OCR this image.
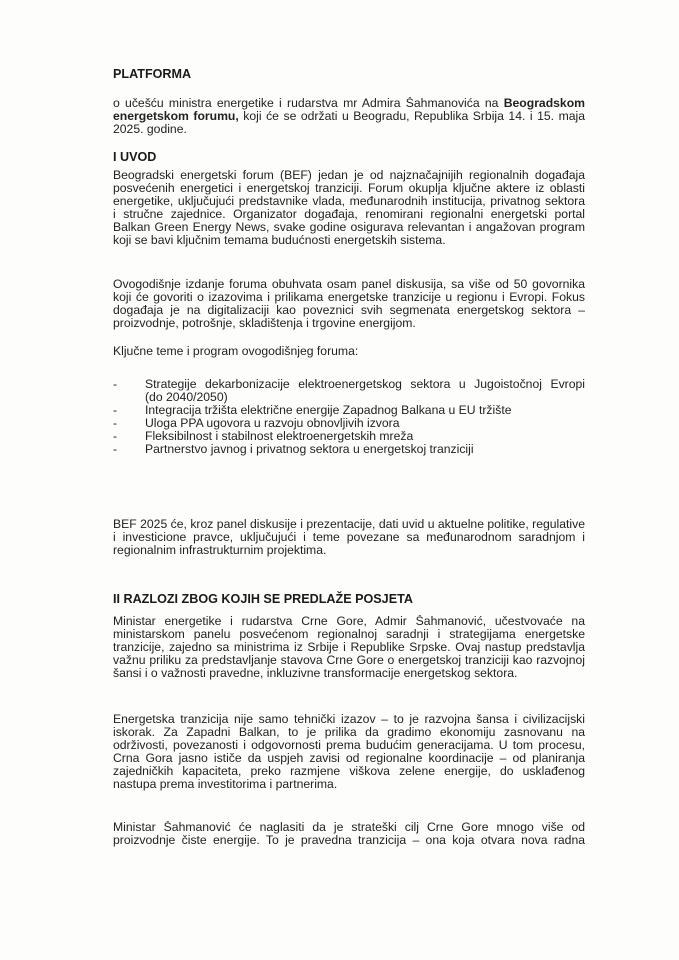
PLATFORMA
o učešću ministra energetike i rudarstva mr Admira Šahmanovića na Beogradskom
energetskom forumu, koji će se održati u Beogradu, Republika Srbija 14. i 15. maja
2025. godine.
I UVOD
Beogradski energetski forum (BEF) jedan je od najznačajnijih regionalnih događaja
posvećenih energetici i energetskoj tranziciji. Forum okuplja ključne aktere iz oblasti
energetike, uključujući predstavnike vlada, međunarodnih institucija, privatnog sektora
i stručne zajednice. Organizator događaja, renomirani regionalni energetski portal
Balkan Green Energy News, svake godine osigurava relevantan i angažovan program
koji se bavi ključnim temama budućnosti energetskih sistema.
Ovogodišnje izdanje foruma obuhvata osam panel diskusija, sa više od 50 govornika
koji će govoriti o izazovima i prilikama energetske tranzicije u regionu i Evropi. Fokus
događaja je na digitalizaciji kao poveznici svih segmenata energetskog sektora –
proizvodnje, potrošnje, skladištenja i trgovine energijom.
Ključne teme i program ovogodišnjeg foruma:
- Strategije dekarbonizacije elektroenergetskog sektora u Jugoistočnoj Evropi
(do 2040/2050)
- Integracija tržišta električne energije Zapadnog Balkana u EU tržište
- Uloga PPA ugovora u razvoju obnovljivih izvora
- Fleksibilnost i stabilnost elektroenergetskih mreža
- Partnerstvo javnog i privatnog sektora u energetskoj tranziciji
BEF 2025 će, kroz panel diskusije i prezentacije, dati uvid u aktuelne politike, regulative
i investicione pravce, uključujući i teme povezane sa međunarodnom saradnjom i
regionalnim infrastrukturnim projektima.
II RAZLOZI ZBOG KOJIH SE PREDLAŽE POSJETA
Ministar energetike i rudarstva Crne Gore, Admir Šahmanović, učestvovaće na
ministarskom panelu posvećenom regionalnoj saradnji i strategijama energetske
tranzicije, zajedno sa ministrima iz Srbije i Republike Srpske. Ovaj nastup predstavlja
važnu priliku za predstavljanje stavova Crne Gore o energetskoj tranziciji kao razvojnoj
šansi i o važnosti pravedne, inkluzivne transformacije energetskog sektora.
Energetska tranzicija nije samo tehnički izazov – to je razvojna šansa i civilizacijski
iskorak. Za Zapadni Balkan, to je prilika da gradimo ekonomiju zasnovanu na
održivosti, povezanosti i odgovornosti prema budućim generacijama. U tom procesu,
Crna Gora jasno ističe da uspjeh zavisi od regionalne koordinacije – od planiranja
zajedničkih kapaciteta, preko razmjene viškova zelene energije, do usklađenog
nastupa prema investitorima i partnerima.
Ministar Šahmanović će naglasiti da je strateški cilj Crne Gore mnogo više od
proizvodnje čiste energije. To je pravedna tranzicija – ona koja otvara nova radna
